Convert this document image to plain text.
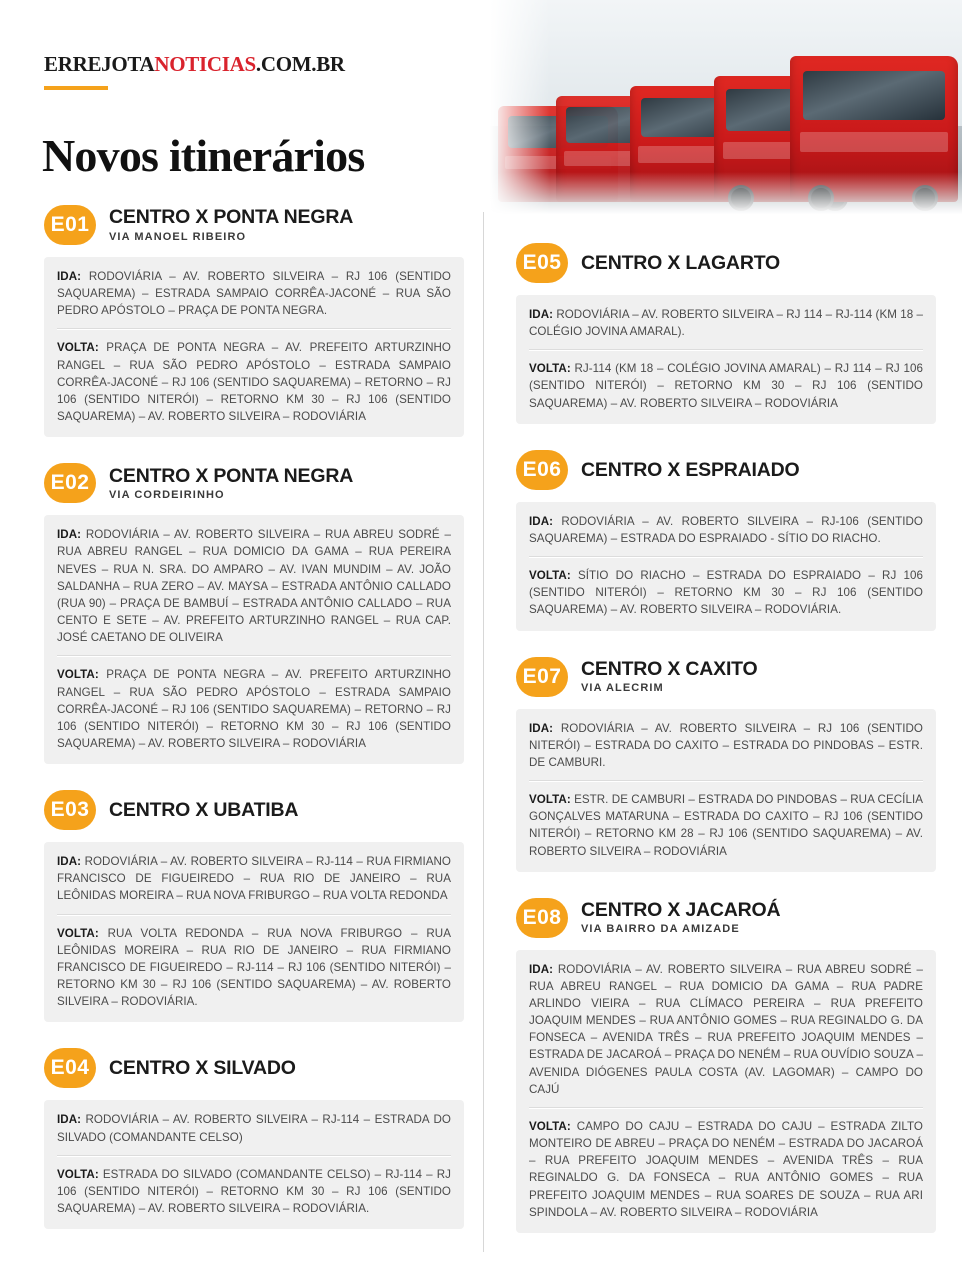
ERREJOTANOTICIAS.COM.BR
Novos itinerários
E01	CENTRO X PONTA NEGRA
VIA MANOEL RIBEIRO
IDA: RODOVIÁRIA – AV. ROBERTO SILVEIRA – RJ 106 (SENTIDO SAQUAREMA) – ESTRADA SAMPAIO CORRÊA-JACONÉ – RUA SÃO PEDRO APÓSTOLO – PRAÇA DE PONTA NEGRA.
VOLTA: PRAÇA DE PONTA NEGRA – AV. PREFEITO ARTURZINHO RANGEL – RUA SÃO PEDRO APÓSTOLO – ESTRADA SAMPAIO CORRÊA-JACONÉ – RJ 106 (SENTIDO SAQUAREMA) – RETORNO – RJ 106 (SENTIDO NITERÓI) – RETORNO KM 30 – RJ 106 (SENTIDO SAQUAREMA) – AV. ROBERTO SILVEIRA – RODOVIÁRIA
E02	CENTRO X PONTA NEGRA
VIA CORDEIRINHO
IDA: RODOVIÁRIA – AV. ROBERTO SILVEIRA – RUA ABREU SODRÉ – RUA ABREU RANGEL – RUA DOMICIO DA GAMA – RUA PEREIRA NEVES – RUA N. SRA. DO AMPARO – AV. IVAN MUNDIM – AV. JOÃO SALDANHA – RUA ZERO – AV. MAYSA – ESTRADA ANTÔNIO CALLADO (RUA 90) – PRAÇA DE BAMBUÍ – ESTRADA ANTÔNIO CALLADO – RUA CENTO E SETE – AV. PREFEITO ARTURZINHO RANGEL – RUA CAP. JOSÉ CAETANO DE OLIVEIRA
VOLTA: PRAÇA DE PONTA NEGRA – AV. PREFEITO ARTURZINHO RANGEL – RUA SÃO PEDRO APÓSTOLO – ESTRADA SAMPAIO CORRÊA-JACONÉ – RJ 106 (SENTIDO SAQUAREMA) – RETORNO – RJ 106 (SENTIDO NITERÓI) – RETORNO KM 30 – RJ 106 (SENTIDO SAQUAREMA) – AV. ROBERTO SILVEIRA – RODOVIÁRIA
E03	CENTRO X UBATIBA
IDA: RODOVIÁRIA – AV. ROBERTO SILVEIRA – RJ-114 – RUA FIRMIANO FRANCISCO DE FIGUEIREDO – RUA RIO DE JANEIRO – RUA LEÔNIDAS MOREIRA – RUA NOVA FRIBURGO – RUA VOLTA REDONDA
VOLTA: RUA VOLTA REDONDA – RUA NOVA FRIBURGO – RUA LEÔNIDAS MOREIRA – RUA RIO DE JANEIRO – RUA FIRMIANO FRANCISCO DE FIGUEIREDO – RJ-114 – RJ 106 (SENTIDO NITERÓI) – RETORNO KM 30 – RJ 106 (SENTIDO SAQUAREMA) – AV. ROBERTO SILVEIRA – RODOVIÁRIA.
E04	CENTRO X SILVADO
IDA: RODOVIÁRIA – AV. ROBERTO SILVEIRA – RJ-114 – ESTRADA DO SILVADO (COMANDANTE CELSO)
VOLTA: ESTRADA DO SILVADO (COMANDANTE CELSO) – RJ-114 – RJ 106 (SENTIDO NITERÓI) – RETORNO KM 30 – RJ 106 (SENTIDO SAQUAREMA) – AV. ROBERTO SILVEIRA – RODOVIÁRIA.
E05	CENTRO X LAGARTO
IDA: RODOVIÁRIA – AV. ROBERTO SILVEIRA – RJ 114 – RJ-114 (KM 18 – COLÉGIO JOVINA AMARAL).
VOLTA: RJ-114 (KM 18 – COLÉGIO JOVINA AMARAL) – RJ 114 – RJ 106 (SENTIDO NITERÓI) – RETORNO KM 30 – RJ 106 (SENTIDO SAQUAREMA) – AV. ROBERTO SILVEIRA – RODOVIÁRIA
E06	CENTRO X ESPRAIADO
IDA: RODOVIÁRIA – AV. ROBERTO SILVEIRA – RJ-106 (SENTIDO SAQUAREMA) – ESTRADA DO ESPRAIADO - SÍTIO DO RIACHO.
VOLTA: SÍTIO DO RIACHO – ESTRADA DO ESPRAIADO – RJ 106 (SENTIDO NITERÓI) – RETORNO KM 30 – RJ 106 (SENTIDO SAQUAREMA) – AV. ROBERTO SILVEIRA – RODOVIÁRIA.
E07	CENTRO X CAXITO
VIA ALECRIM
IDA: RODOVIÁRIA – AV. ROBERTO SILVEIRA – RJ 106 (SENTIDO NITERÓI) – ESTRADA DO CAXITO – ESTRADA DO PINDOBAS – ESTR. DE CAMBURI.
VOLTA: ESTR. DE CAMBURI – ESTRADA DO PINDOBAS – RUA CECÍLIA GONÇALVES MATARUNA – ESTRADA DO CAXITO – RJ 106 (SENTIDO NITERÓI) – RETORNO KM 28 – RJ 106 (SENTIDO SAQUAREMA) – AV. ROBERTO SILVEIRA – RODOVIÁRIA
E08	CENTRO X JACAROÁ
VIA BAIRRO DA AMIZADE
IDA: RODOVIÁRIA – AV. ROBERTO SILVEIRA – RUA ABREU SODRÉ – RUA ABREU RANGEL – RUA DOMICIO DA GAMA – RUA PADRE ARLINDO VIEIRA – RUA CLÍMACO PEREIRA – RUA PREFEITO JOAQUIM MENDES – RUA ANTÔNIO GOMES – RUA REGINALDO G. DA FONSECA – AVENIDA TRÊS – RUA PREFEITO JOAQUIM MENDES – ESTRADA DE JACAROÁ – PRAÇA DO NENÉM – RUA OUVÍDIO SOUZA – AVENIDA DIÓGENES PAULA COSTA (AV. LAGOMAR) – CAMPO DO CAJÚ
VOLTA: CAMPO DO CAJU – ESTRADA DO CAJU – ESTRADA ZILTO MONTEIRO DE ABREU – PRAÇA DO NENÉM – ESTRADA DO JACAROÁ – RUA PREFEITO JOAQUIM MENDES – AVENIDA TRÊS – RUA REGINALDO G. DA FONSECA – RUA ANTÔNIO GOMES – RUA PREFEITO JOAQUIM MENDES – RUA SOARES DE SOUZA – RUA ARI SPINDOLA – AV. ROBERTO SILVEIRA – RODOVIÁRIA
